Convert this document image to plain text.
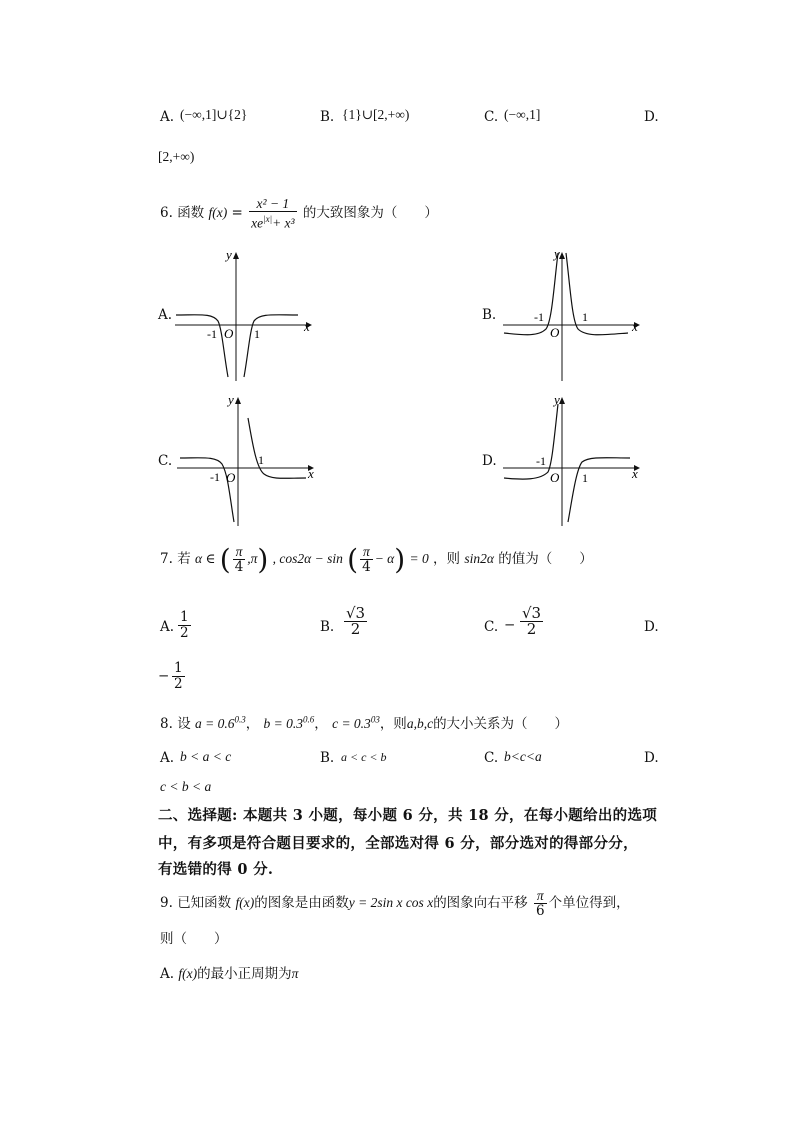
A. (−∞,1]∪{2}	B. {1}∪[2,+∞)	C. (−∞,1]	D.
[2,+∞)
6. 函数 $f(x) = \frac{\text{x² − 1}}{xe^{|x|}+ x^3}$ 的大致图象为（　　）
A.
y
x
-1 O 1
B.
y
x
-1
O
1
C.
y
x
-1 O
1	D.
y
x
-1
O 1
7. 若 α ∈ ( $\frac{\pi}{4} ,\pi$) , cos2α − sin ( $\frac{\pi}{4} - \alpha) = 0$ ，则 sin2α 的值为（　　）
A. $\frac{1}{2}$	B. $\frac{√3}{2}$	C. − $\frac{√3}{2}$	D.
− $\frac{1}{2}$
8. 设 $a = 0.6^{0.3}$， $b = 0.3^{0.6}$， $c = 0.3^{03}$，则a,b,c的大小关系为（　　）
A. b < a < c	B. a < c < b	C. b<c<a	D.
c < b < a
二、选择题: 本题共 3 小题，每小题 6 分，共 18 分，在每小题给出的选项
中，有多项是符合题目要求的，全部选对得 6 分，部分选对的得部分分，
有选错的得 0 分.
9. 已知函数 f(x)的图象是由函数y = 2sin x cos x的图象向右平移 $\frac{\pi}{6}$ 个单位得到，
则（　　）
A. f(x)的最小正周期为π
